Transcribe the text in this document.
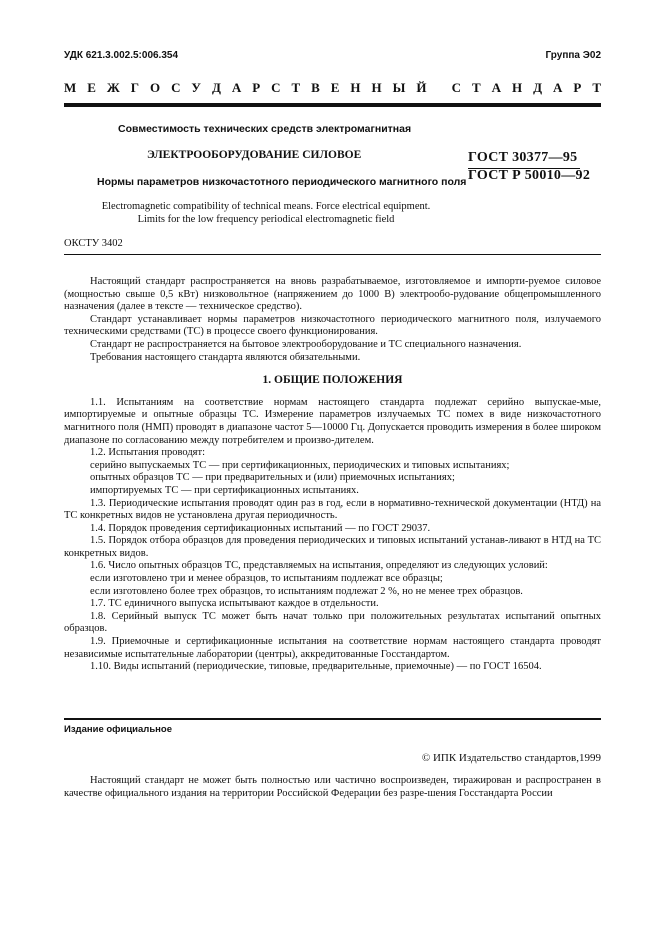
УДК 621.3.002.5:006.354	Группа Э02
М Е Ж Г О С У Д А Р С Т В Е Н Н Ы Й
С Т А Н Д А Р Т
Совместимость технических средств электромагнитная
ЭЛЕКТРООБОРУДОВАНИЕ СИЛОВОЕ
Нормы параметров низкочастотного периодического магнитного поля
ГОСТ 30377—95
ГОСТ Р 50010—92
Electromagnetic compatibility of technical means. Force electrical equipment.
Limits for the low frequency periodical electromagnetic field
ОКСТУ 3402

Настоящий стандарт распространяется на вновь разрабатываемое, изготовляемое и импорти-руемое силовое (мощностью свыше 0,5 кВт) низковольтное (напряжением до 1000 В) электрообо-рудование общепромышленного назначения (далее в тексте — техническое средство).

Стандарт устанавливает нормы параметров низкочастотного периодического магнитного поля, излучаемого техническими средствами (ТС) в процессе своего функционирования.

Стандарт не распространяется на бытовое электрооборудование и ТС специального назначения.

Требования настоящего стандарта являются обязательными.

1. ОБЩИЕ ПОЛОЖЕНИЯ

1.1. Испытаниям на соответствие нормам настоящего стандарта подлежат серийно выпускае-мые, импортируемые и опытные образцы ТС. Измерение параметров излучаемых ТС помех в виде низкочастотного магнитного поля (НМП) проводят в диапазоне частот 5—10000 Гц. Допускается проводить измерения в более широком диапазоне по согласованию между потребителем и произво-дителем.

1.2. Испытания проводят:

серийно выпускаемых ТС — при сертификационных, периодических и типовых испытаниях;

опытных образцов ТС — при предварительных и (или) приемочных испытаниях;

импортируемых ТС — при сертификационных испытаниях.

1.3. Периодические испытания проводят один раз в год, если в нормативно-технической документации (НТД) на ТС конкретных видов не установлена другая периодичность.

1.4. Порядок проведения сертификационных испытаний — по ГОСТ 29037.

1.5. Порядок отбора образцов для проведения периодических и типовых испытаний устанав-ливают в НТД на ТС конкретных видов.

1.6. Число опытных образцов ТС, представляемых на испытания, определяют из следующих условий:

если изготовлено три и менее образцов, то испытаниям подлежат все образцы;

если изготовлено более трех образцов, то испытаниям подлежат 2 %, но не менее трех образцов.

1.7. ТС единичного выпуска испытывают каждое в отдельности.

1.8. Серийный выпуск ТС может быть начат только при положительных результатах испытаний опытных образцов.

1.9. Приемочные и сертификационные испытания на соответствие нормам настоящего стандарта проводят независимые испытательные лаборатории (центры), аккредитованные Госстандартом.

1.10. Виды испытаний (периодические, типовые, предварительные, приемочные) — по ГОСТ 16504.

Издание официальное
© ИПК Издательство стандартов,1999

Настоящий стандарт не может быть полностью или частично воспроизведен, тиражирован и распространен в качестве официального издания на территории Российской Федерации без разре-шения Госстандарта России
